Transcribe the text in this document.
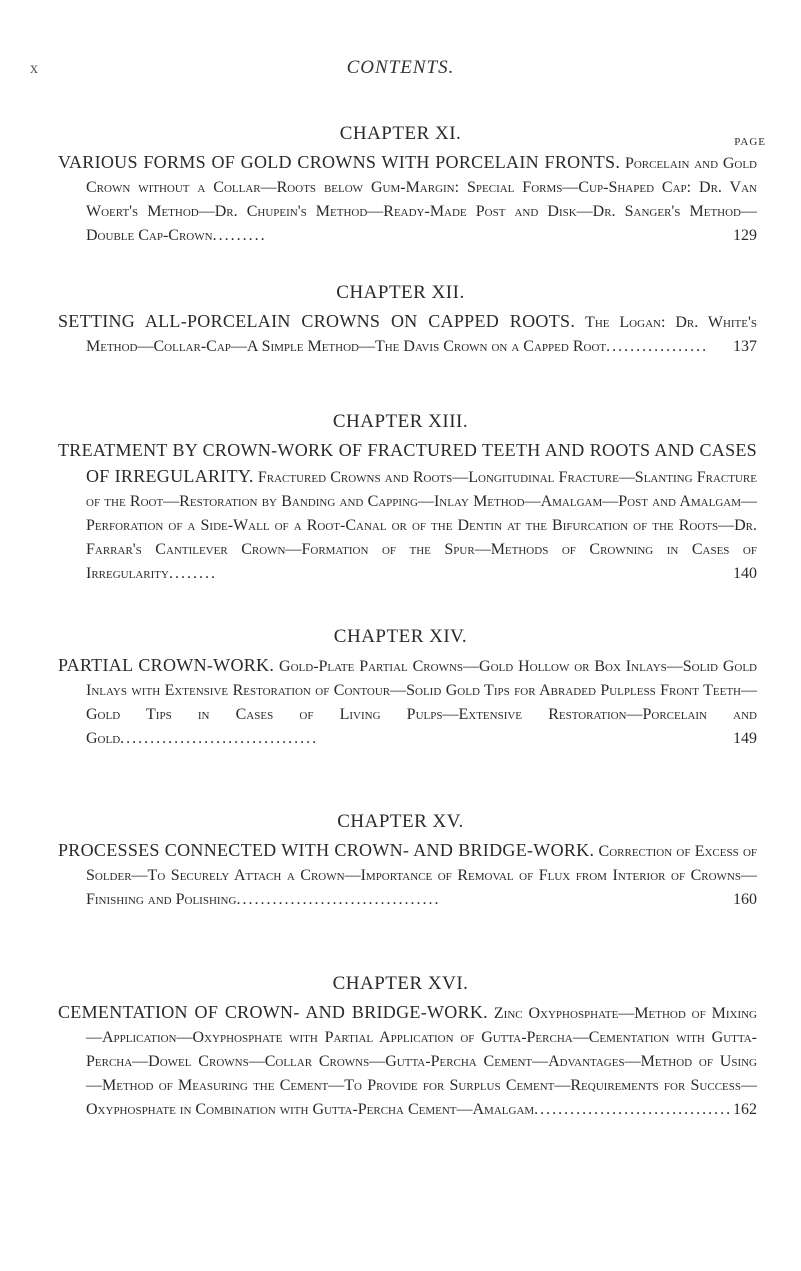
x	CONTENTS.
PAGE
CHAPTER XI.
VARIOUS FORMS OF GOLD CROWNS WITH PORCELAIN FRONTS. Porcelain and Gold Crown without a Collar—Roots below Gum-Margin: Special Forms—Cup-Shaped Cap: Dr. Van Woert's Method—Dr. Chupein's Method—Ready-Made Post and Disk—Dr. Sanger's Method—Double Cap-Crown.........	129
CHAPTER XII.
SETTING ALL-PORCELAIN CROWNS ON CAPPED ROOTS. The Logan: Dr. White's Method—Collar-Cap—A Simple Method—The Davis Crown on a Capped Root................. 137
CHAPTER XIII.
TREATMENT BY CROWN-WORK OF FRACTURED TEETH AND ROOTS AND CASES OF IRREGULARITY. Fractured Crowns and Roots—Longitudinal Fracture—Slanting Fracture of the Root—Restoration by Banding and Capping—Inlay Method—Amalgam—Post and Amalgam—Perforation of a Side-Wall of a Root-Canal or of the Dentin at the Bifurcation of the Roots—Dr. Farrar's Cantilever Crown—Formation of the Spur—Methods of Crowning in Cases of Irregularity........	140
CHAPTER XIV.
PARTIAL CROWN-WORK. Gold-Plate Partial Crowns—Gold Hollow or Box Inlays—Solid Gold Inlays with Extensive Restoration of Contour—Solid Gold Tips for Abraded Pulpless Front Teeth—Gold Tips in Cases of Living Pulps—Extensive Restoration—Porcelain and Gold.................................	149
CHAPTER XV.
PROCESSES CONNECTED WITH CROWN- AND BRIDGE-WORK. Correction of Excess of Solder—To Securely Attach a Crown—Importance of Removal of Flux from Interior of Crowns—Finishing and Polishing..................................	160
CHAPTER XVI.
CEMENTATION OF CROWN- AND BRIDGE-WORK. Zinc Oxyphosphate—Method of Mixing—Application—Oxyphosphate with Partial Application of Gutta-Percha—Cementation with Gutta-Percha—Dowel Crowns—Collar Crowns—Gutta-Percha Cement—Advantages—Method of Using—Method of Measuring the Cement—To Provide for Surplus Cement—Requirements for Success—Oxyphosphate in Combination with Gutta-Percha Cement—Amalgam................................. 162
